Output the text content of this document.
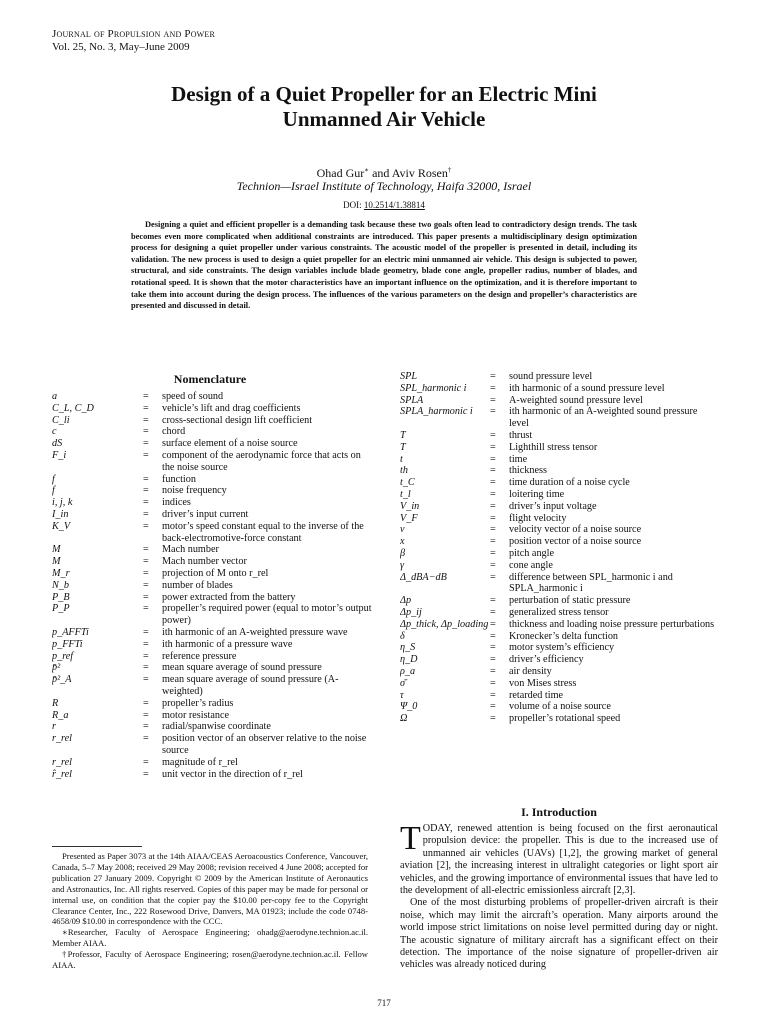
Journal of Propulsion and Power
Vol. 25, No. 3, May–June 2009
Design of a Quiet Propeller for an Electric Mini
Unmanned Air Vehicle
Ohad Gur∗ and Aviv Rosen†
Technion—Israel Institute of Technology, Haifa 32000, Israel
DOI: 10.2514/1.38814

Designing a quiet and efficient propeller is a demanding task because these two goals often lead to contradictory design trends. The task becomes even more complicated when additional constraints are introduced. This paper presents a multidisciplinary design optimization process for designing a quiet propeller under various constraints. The acoustic model of the propeller is presented in detail, including its validation. The new process is used to design a quiet propeller for an electric mini unmanned air vehicle. This design is subjected to power, structural, and side constraints. The design variables include blade geometry, blade cone angle, propeller radius, number of blades, and rotational speed. It is shown that the motor characteristics have an important influence on the optimization, and it is therefore important to take them into account during the design process. The influences of the various parameters on the design and propeller’s characteristics are presented and discussed in detail.

Nomenclature
a	=	speed of sound
C_L, C_D	=	vehicle’s lift and drag coefficients
C_li	=	cross-sectional design lift coefficient
c	=	chord
dS	=	surface element of a noise source
F_i	=	component of the aerodynamic force that acts on the noise source
f	=	function
f	=	noise frequency
i, j, k	=	indices
I_in	=	driver’s input current
K_V	=	motor’s speed constant equal to the inverse of the back-electromotive-force constant
M	=	Mach number
M	=	Mach number vector
M_r	=	projection of M onto r_rel
N_b	=	number of blades
P_B	=	power extracted from the battery
P_P	=	propeller’s required power (equal to motor’s output power)
p_AFFTi	=	ith harmonic of an A-weighted pressure wave
p_FFTi	=	ith harmonic of a pressure wave
p_ref	=	reference pressure
p̄²	=	mean square average of sound pressure
p̄²_A	=	mean square average of sound pressure (A-weighted)
R	=	propeller’s radius
R_a	=	motor resistance
r	=	radial/spanwise coordinate
r_rel	=	position vector of an observer relative to the noise source
r_rel	=	magnitude of r_rel
r̂_rel	=	unit vector in the direction of r_rel
SPL	=	sound pressure level
SPL_harmonic i	=	ith harmonic of a sound pressure level
SPLA	=	A-weighted sound pressure level
SPLA_harmonic i	=	ith harmonic of an A-weighted sound pressure level
T	=	thrust
T	=	Lighthill stress tensor
t	=	time
th	=	thickness
t_C	=	time duration of a noise cycle
t_l	=	loitering time
V_in	=	driver’s input voltage
V_F	=	flight velocity
v	=	velocity vector of a noise source
x	=	position vector of a noise source
β	=	pitch angle
γ	=	cone angle
Δ_dBA−dB	=	difference between SPL_harmonic i and SPLA_harmonic i
Δp	=	perturbation of static pressure
Δp_ij	=	generalized stress tensor
Δp_thick, Δp_loading =	thickness and loading noise pressure perturbations
δ	=	Kronecker’s delta function
η_S	=	motor system’s efficiency
η_D	=	driver’s efficiency
ρ_a	=	air density
σ̄	=	von Mises stress
τ	=	retarded time
Ψ_0	=	volume of a noise source
Ω	=	propeller’s rotational speed

Presented as Paper 3073 at the 14th AIAA/CEAS Aeroacoustics Conference, Vancouver, Canada, 5–7 May 2008; received 29 May 2008; revision received 4 June 2008; accepted for publication 27 January 2009. Copyright © 2009 by the American Institute of Aeronautics and Astronautics, Inc. All rights reserved. Copies of this paper may be made for personal or internal use, on condition that the copier pay the $10.00 per-copy fee to the Copyright Clearance Center, Inc., 222 Rosewood Drive, Danvers, MA 01923; include the code 0748-4658/09 $10.00 in correspondence with the CCC.

∗Researcher, Faculty of Aerospace Engineering; ohadg@aerodyne.technion.ac.il. Member AIAA.

†Professor, Faculty of Aerospace Engineering; rosen@aerodyne.technion.ac.il. Fellow AIAA.

I. Introduction

TODAY, renewed attention is being focused on the first aeronautical propulsion device: the propeller. This is due to the increased use of unmanned air vehicles (UAVs) [1,2], the growing market of general aviation [2], the increasing interest in ultralight categories or light sport air vehicles, and the growing importance of environmental issues that have led to the development of all-electric emissionless aircraft [2,3].

One of the most disturbing problems of propeller-driven aircraft is their noise, which may limit the aircraft’s operation. Many airports around the world impose strict limitations on noise level permitted during day or night. The acoustic signature of military aircraft has a significant effect on their detection. The importance of the noise signature of propeller-driven air vehicles was already noticed during

717
